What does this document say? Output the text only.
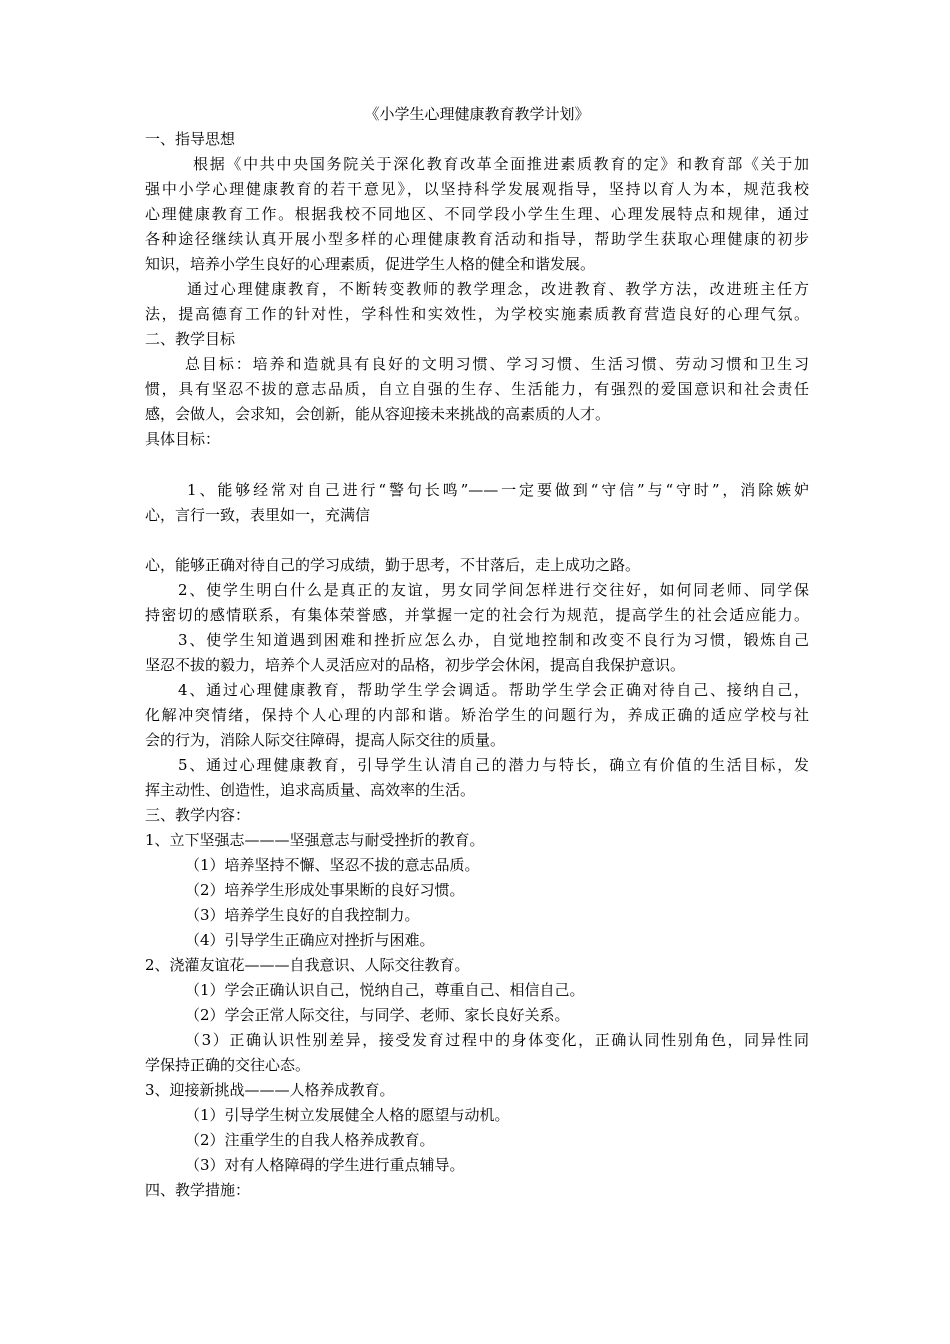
《小学生心理健康教育教学计划》
一、指导思想
根据《中共中央国务院关于深化教育改革全面推进素质教育的定》和教育部《关于加
强中小学心理健康教育的若干意见》，以坚持科学发展观指导，坚持以育人为本，规范我校
心理健康教育工作。根据我校不同地区、不同学段小学生生理、心理发展特点和规律，通过
各种途径继续认真开展小型多样的心理健康教育活动和指导，帮助学生获取心理健康的初步
知识，培养小学生良好的心理素质，促进学生人格的健全和谐发展。
通过心理健康教育，不断转变教师的教学理念，改进教育、教学方法，改进班主任方
法，提高德育工作的针对性，学科性和实效性，为学校实施素质教育营造良好的心理气氛。
二、教学目标
总目标：培养和造就具有良好的文明习惯、学习习惯、生活习惯、劳动习惯和卫生习
惯，具有坚忍不拔的意志品质，自立自强的生存、生活能力，有强烈的爱国意识和社会责任
感，会做人，会求知，会创新，能从容迎接未来挑战的高素质的人才。
具体目标：
1、能够经常对自己进行“警句长鸣”——一定要做到“守信”与“守时”，消除嫉妒
心，言行一致，表里如一，充满信
心，能够正确对待自己的学习成绩，勤于思考，不甘落后，走上成功之路。
2、使学生明白什么是真正的友谊，男女同学间怎样进行交往好，如何同老师、同学保
持密切的感情联系，有集体荣誉感，并掌握一定的社会行为规范，提高学生的社会适应能力。
3、使学生知道遇到困难和挫折应怎么办，自觉地控制和改变不良行为习惯，锻炼自己
坚忍不拔的毅力，培养个人灵活应对的品格，初步学会休闲，提高自我保护意识。
4、通过心理健康教育，帮助学生学会调适。帮助学生学会正确对待自己、接纳自己，
化解冲突情绪，保持个人心理的内部和谐。矫治学生的问题行为，养成正确的适应学校与社
会的行为，消除人际交往障碍，提高人际交往的质量。
5、通过心理健康教育，引导学生认清自己的潜力与特长，确立有价值的生活目标，发
挥主动性、创造性，追求高质量、高效率的生活。
三、教学内容：
1、立下坚强志———坚强意志与耐受挫折的教育。
（1）培养坚持不懈、坚忍不拔的意志品质。
（2）培养学生形成处事果断的良好习惯。
（3）培养学生良好的自我控制力。
（4）引导学生正确应对挫折与困难。
2、浇灌友谊花———自我意识、人际交往教育。
（1）学会正确认识自己，悦纳自己，尊重自己、相信自己。
（2）学会正常人际交往，与同学、老师、家长良好关系。
（3）正确认识性别差异，接受发育过程中的身体变化，正确认同性别角色，同异性同
学保持正确的交往心态。
3、迎接新挑战———人格养成教育。
（1）引导学生树立发展健全人格的愿望与动机。
（2）注重学生的自我人格养成教育。
（3）对有人格障碍的学生进行重点辅导。
四、教学措施：
